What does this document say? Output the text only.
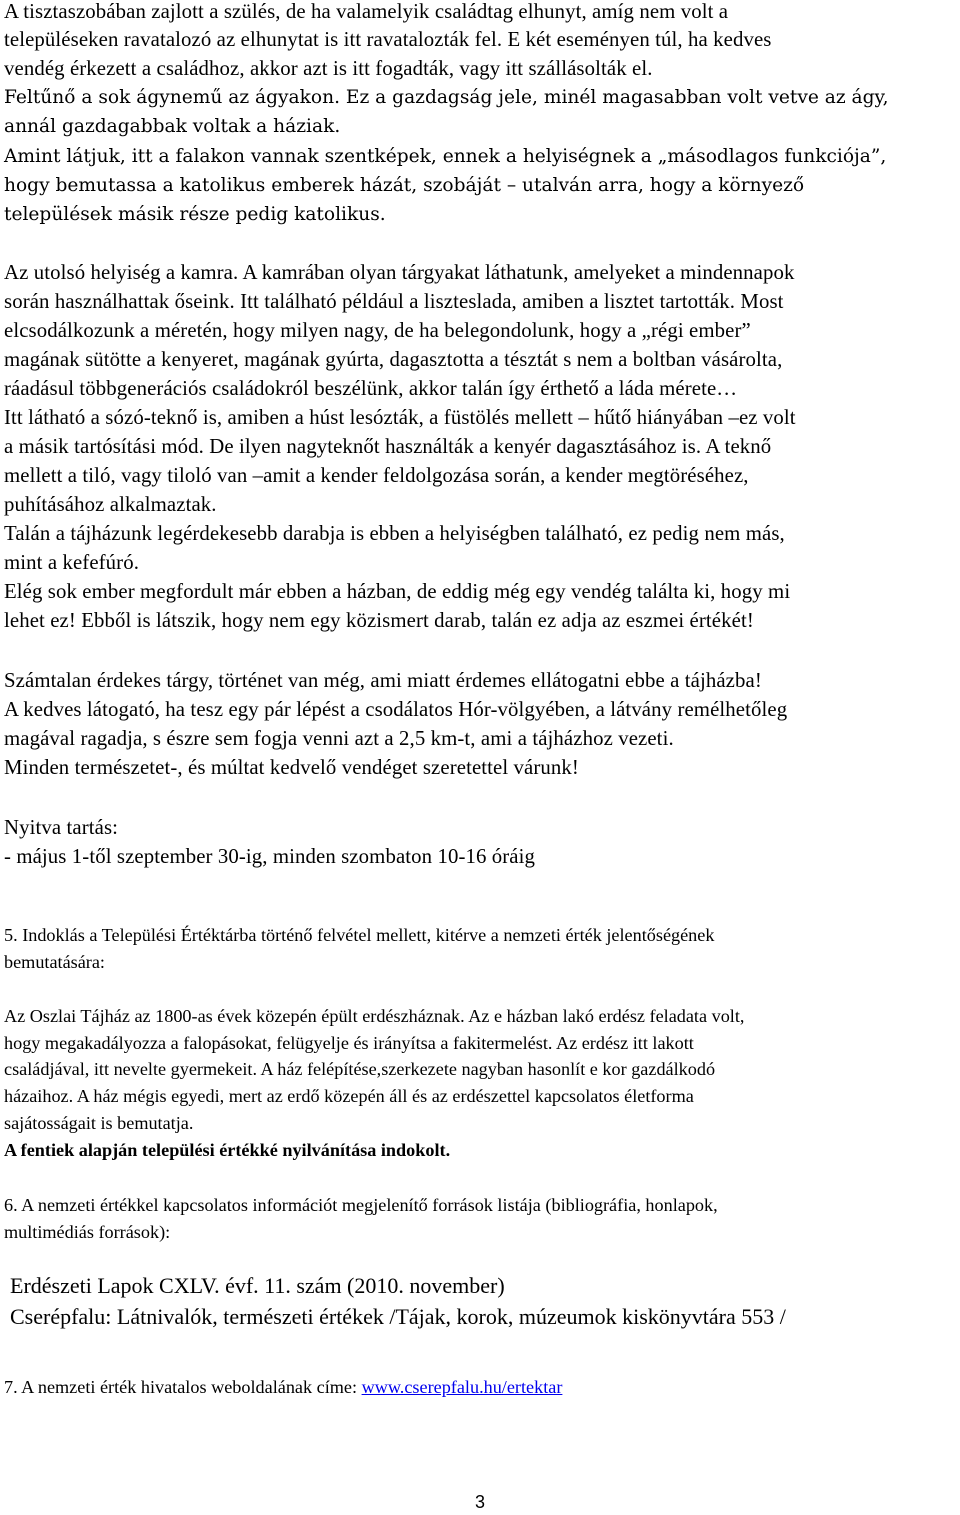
A tisztaszobában zajlott a szülés, de ha valamelyik családtag elhunyt, amíg nem volt a
településeken ravatalozó az elhunytat is itt ravatalozták fel. E két eseményen túl, ha kedves
vendég érkezett a családhoz, akkor azt is itt fogadták, vagy itt szállásolták el.
Feltűnő a sok ágynemű az ágyakon. Ez a gazdagság jele, minél magasabban volt vetve az ágy,
annál gazdagabbak voltak a háziak.
Amint látjuk, itt a falakon vannak szentképek, ennek a helyiségnek a „másodlagos funkciója”,
hogy bemutassa a katolikus emberek házát, szobáját – utalván arra, hogy a környező
települések másik része pedig katolikus.
Az utolsó helyiség a kamra. A kamrában olyan tárgyakat láthatunk, amelyeket a mindennapok
során használhattak őseink. Itt található például a liszteslada, amiben a lisztet tartották. Most
elcsodálkozunk a méretén, hogy milyen nagy, de ha belegondolunk, hogy a „régi ember”
magának sütötte a kenyeret, magának gyúrta, dagasztotta a tésztát s nem a boltban vásárolta,
ráadásul többgenerációs családokról beszélünk, akkor talán így érthető a láda mérete…
Itt látható a sózó-teknő is, amiben a húst lesózták, a füstölés mellett – hűtő hiányában –ez volt
a másik tartósítási mód. De ilyen nagyteknőt használták a kenyér dagasztásához is. A teknő
mellett a tiló, vagy tiloló van –amit a kender feldolgozása során, a kender megtöréséhez,
puhításához alkalmaztak.
Talán a tájházunk legérdekesebb darabja is ebben a helyiségben található, ez pedig nem más,
mint a kefefúró.
Elég sok ember megfordult már ebben a házban, de eddig még egy vendég találta ki, hogy mi
lehet ez! Ebből is látszik, hogy nem egy közismert darab, talán ez adja az eszmei értékét!
Számtalan érdekes tárgy, történet van még, ami miatt érdemes ellátogatni ebbe a tájházba!
A kedves látogató, ha tesz egy pár lépést a csodálatos Hór-völgyében, a látvány remélhetőleg
magával ragadja, s észre sem fogja venni azt a 2,5 km-t, ami a tájházhoz vezeti.
Minden természetet-, és múltat kedvelő vendéget szeretettel várunk!
Nyitva tartás:
- május 1-től szeptember 30-ig, minden szombaton 10-16 óráig
5. Indoklás a Települési Értéktárba történő felvétel mellett, kitérve a nemzeti érték jelentőségének
bemutatására:
Az Oszlai Tájház az 1800-as évek közepén épült erdészháznak. Az e házban lakó erdész feladata volt,
hogy megakadályozza a falopásokat, felügyelje és irányítsa a fakitermelést. Az erdész itt lakott
családjával, itt nevelte gyermekeit. A ház felépítése,szerkezete nagyban hasonlít e kor gazdálkodó
házaihoz. A ház mégis egyedi, mert az erdő közepén áll és az erdészettel kapcsolatos életforma
sajátosságait is bemutatja.
A fentiek alapján települési értékké nyilvánítása indokolt.
6. A nemzeti értékkel kapcsolatos információt megjelenítő források listája (bibliográfia, honlapok,
multimédiás források):
Erdészeti Lapok CXLV. évf. 11. szám (2010. november)
Cserépfalu: Látnivalók, természeti értékek /Tájak, korok, múzeumok kiskönyvtára 553 /
7. A nemzeti érték hivatalos weboldalának címe: www.cserepfalu.hu/ertektar
3
